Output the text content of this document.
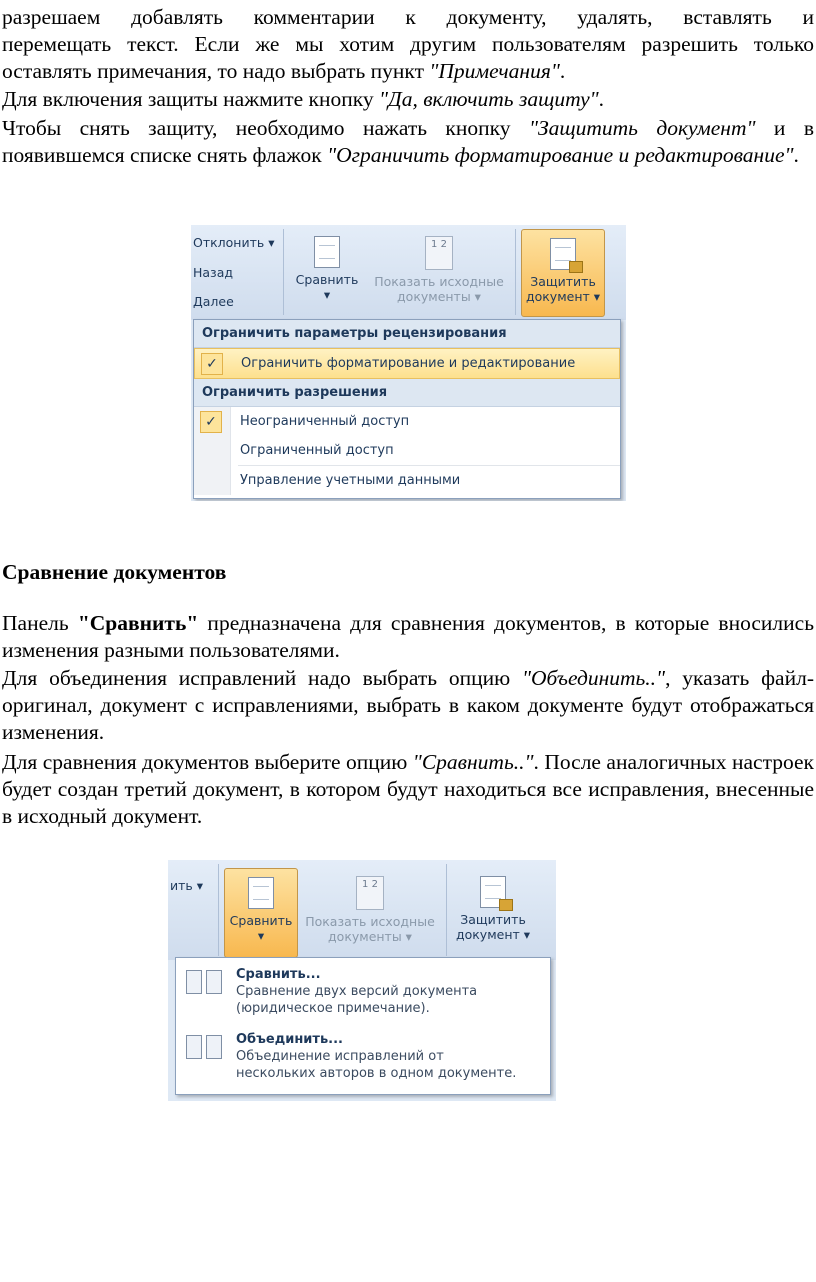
разрешаем добавлять комментарии к документу, удалять, вставлять и
перемещать текст. Если же мы хотим другим пользователям разрешить только
оставлять примечания, то надо выбрать пункт "Примечания".
Для включения защиты нажмите кнопку "Да, включить защиту".
Чтобы снять защиту, необходимо нажать кнопку "Защитить документ" и в появившемся списке снять флажок "Ограничить форматирование и редактирование".
Отклонить ▾
Назад
Далее
Сравнить
▾
1 2
Показать исходные
документы ▾
Защитить
документ ▾
Ограничить параметры рецензирования
✓	Ограничить форматирование и редактирование
Ограничить разрешения
✓	Неограниченный доступ
Ограниченный доступ
Управление учетными данными
Сравнение документов
Панель "Сравнить" предназначена для сравнения документов, в которые вносились изменения разными пользователями.
Для объединения исправлений надо выбрать опцию "Объединить..", указать файл-оригинал, документ с исправлениями, выбрать в каком документе будут отображаться изменения.
Для сравнения документов выберите опцию "Сравнить..". После аналогичных настроек будет создан третий документ, в котором будут находиться все исправления, внесенные в исходный документ.
ить ▾
Сравнить
▾
1 2
Показать исходные
документы ▾
Защитить
документ ▾
Сравнить...
Сравнение двух версий документа
(юридическое примечание).
Объединить...
Объединение исправлений от
нескольких авторов в одном документе.
